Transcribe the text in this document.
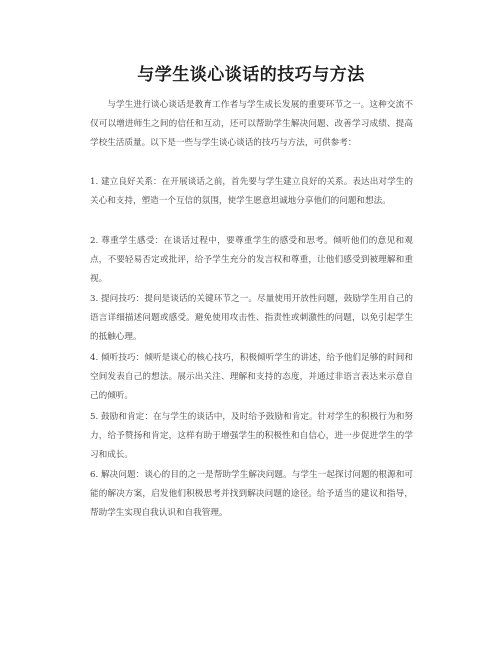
与学生谈心谈话的技巧与方法

与学生进行谈心谈话是教育工作者与学生成长发展的重要环节之一。这种交流不仅可以增进师生之间的信任和互动，还可以帮助学生解决问题、改善学习成绩、提高学校生活质量。以下是一些与学生谈心谈话的技巧与方法，可供参考：

1. 建立良好关系：在开展谈话之前，首先要与学生建立良好的关系。表达出对学生的关心和支持，塑造一个互信的氛围，使学生愿意坦诚地分享他们的问题和想法。

2. 尊重学生感受：在谈话过程中，要尊重学生的感受和思考。倾听他们的意见和观点，不要轻易否定或批评，给予学生充分的发言权和尊重，让他们感受到被理解和重视。

3. 提问技巧：提问是谈话的关键环节之一。尽量使用开放性问题，鼓励学生用自己的语言详细描述问题或感受。避免使用攻击性、指责性或刺激性的问题，以免引起学生的抵触心理。

4. 倾听技巧：倾听是谈心的核心技巧，积极倾听学生的讲述，给予他们足够的时间和空间发表自己的想法。展示出关注、理解和支持的态度，并通过非语言表达来示意自己的倾听。

5. 鼓励和肯定：在与学生的谈话中，及时给予鼓励和肯定。针对学生的积极行为和努力，给予赞扬和肯定，这样有助于增强学生的积极性和自信心，进一步促进学生的学习和成长。

6. 解决问题：谈心的目的之一是帮助学生解决问题。与学生一起探讨问题的根源和可能的解决方案，启发他们积极思考并找到解决问题的途径。给予适当的建议和指导，帮助学生实现自我认识和自我管理。
